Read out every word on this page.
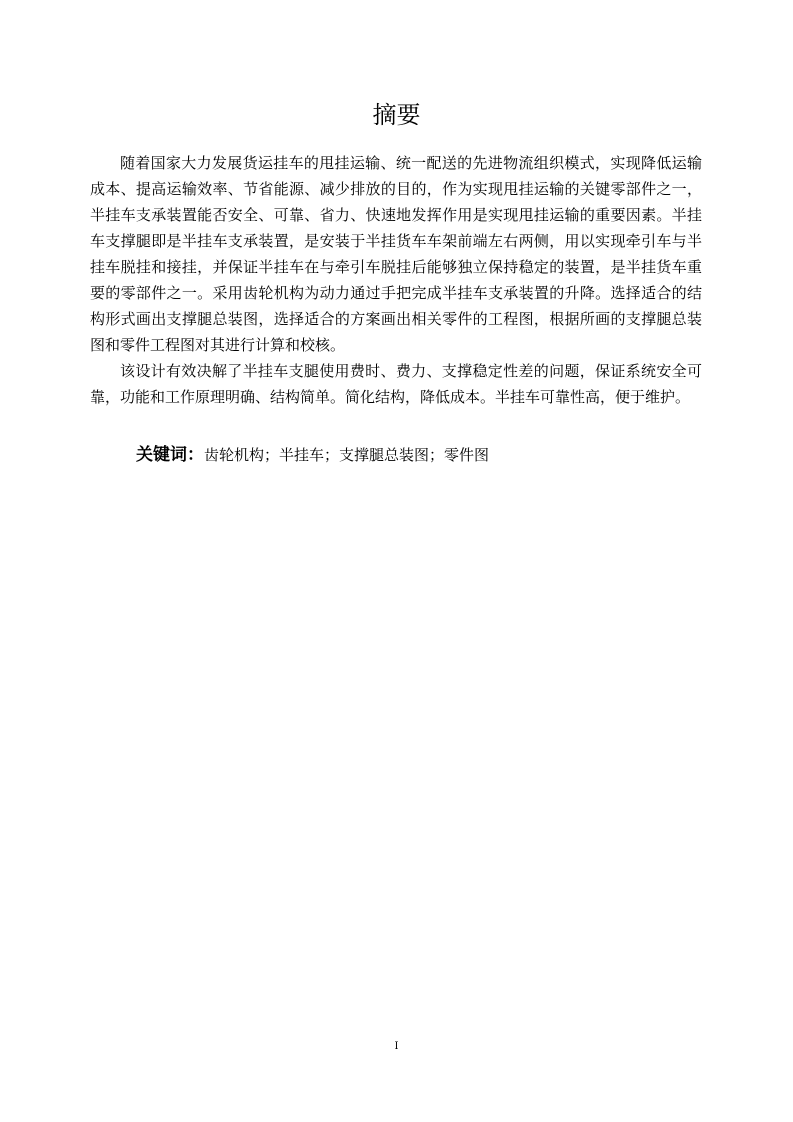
摘要

随着国家大力发展货运挂车的甩挂运输、统一配送的先进物流组织模式，实现降低运输成本、提高运输效率、节省能源、减少排放的目的，作为实现甩挂运输的关键零部件之一，半挂车支承装置能否安全、可靠、省力、快速地发挥作用是实现甩挂运输的重要因素。半挂车支撑腿即是半挂车支承装置，是安装于半挂货车车架前端左右两侧，用以实现牵引车与半挂车脱挂和接挂，并保证半挂车在与牵引车脱挂后能够独立保持稳定的装置，是半挂货车重要的零部件之一。采用齿轮机构为动力通过手把完成半挂车支承装置的升降。选择适合的结构形式画出支撑腿总装图，选择适合的方案画出相关零件的工程图，根据所画的支撑腿总装图和零件工程图对其进行计算和校核。

该设计有效决解了半挂车支腿使用费时、费力、支撑稳定性差的问题，保证系统安全可靠，功能和工作原理明确、结构简单。简化结构，降低成本。半挂车可靠性高，便于维护。

关键词：齿轮机构；半挂车；支撑腿总装图；零件图
I
